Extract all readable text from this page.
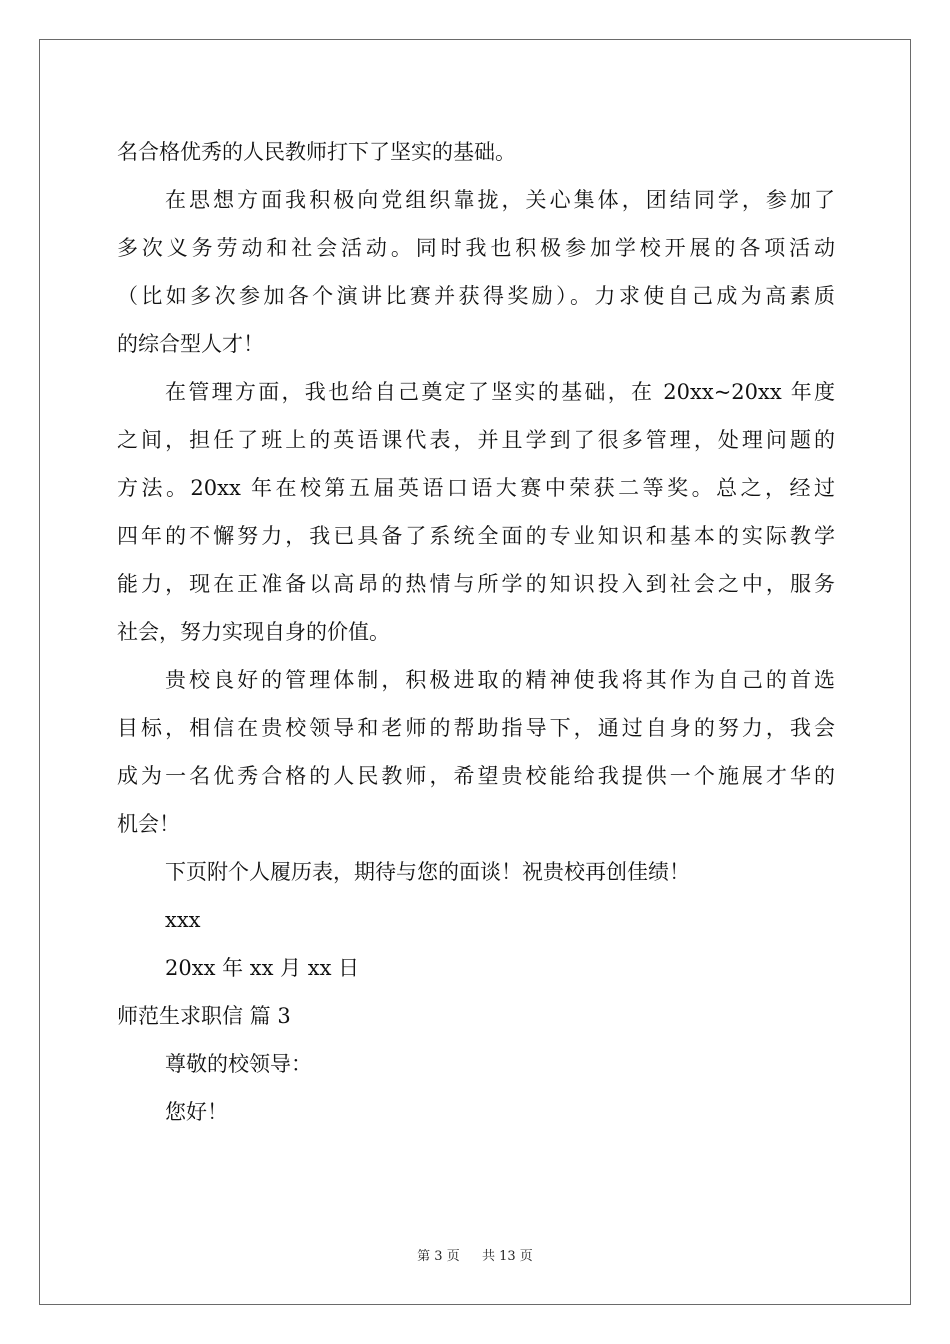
名合格优秀的人民教师打下了坚实的基础。
在思想方面我积极向党组织靠拢，关心集体，团结同学，参加了
多次义务劳动和社会活动。同时我也积极参加学校开展的各项活动
（比如多次参加各个演讲比赛并获得奖励）。力求使自己成为高素质
的综合型人才！
在管理方面，我也给自己奠定了坚实的基础，在 20xx~20xx 年度
之间，担任了班上的英语课代表，并且学到了很多管理，处理问题的
方法。20xx 年在校第五届英语口语大赛中荣获二等奖。总之，经过
四年的不懈努力，我已具备了系统全面的专业知识和基本的实际教学
能力，现在正准备以高昂的热情与所学的知识投入到社会之中，服务
社会，努力实现自身的价值。
贵校良好的管理体制，积极进取的精神使我将其作为自己的首选
目标，相信在贵校领导和老师的帮助指导下，通过自身的努力，我会
成为一名优秀合格的人民教师，希望贵校能给我提供一个施展才华的
机会！
下页附个人履历表，期待与您的面谈！祝贵校再创佳绩！
xxx
20xx 年 xx 月 xx 日
师范生求职信 篇 3
尊敬的校领导：
您好！
第 3 页 共 13 页
